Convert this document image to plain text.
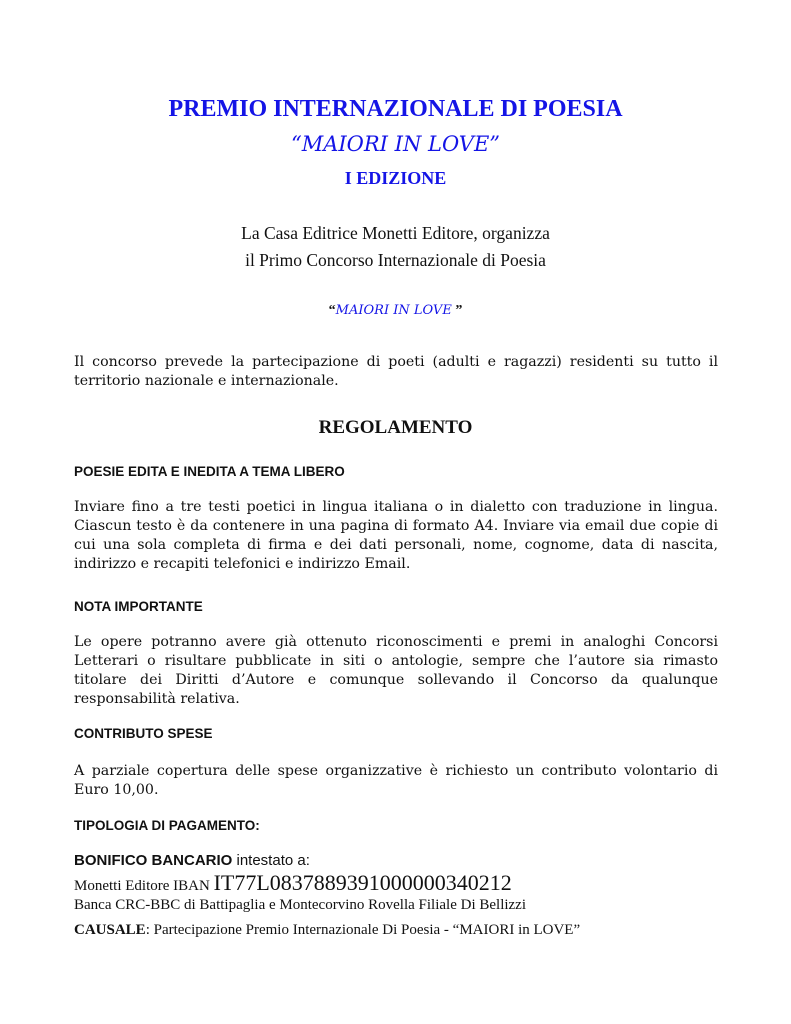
PREMIO INTERNAZIONALE DI POESIA
“MAIORI IN LOVE”
I EDIZIONE
La Casa Editrice Monetti Editore, organizza
il Primo Concorso Internazionale di Poesia
“MAIORI IN LOVE ”
Il concorso prevede la partecipazione di poeti (adulti e ragazzi) residenti su tutto il territorio nazionale e internazionale.
REGOLAMENTO
POESIE EDITA E INEDITA A TEMA LIBERO
Inviare fino a tre testi poetici in lingua italiana o in dialetto con traduzione in lingua. Ciascun testo è da contenere in una pagina di formato A4. Inviare via email due copie di cui una sola completa di firma e dei dati personali, nome, cognome, data di nascita, indirizzo e recapiti telefonici e indirizzo Email.
NOTA IMPORTANTE
Le opere potranno avere già ottenuto riconoscimenti e premi in analoghi Concorsi Letterari o risultare pubblicate in siti o antologie, sempre che l’autore sia rimasto titolare dei Diritti d’Autore e comunque sollevando il Concorso da qualunque responsabilità relativa.
CONTRIBUTO SPESE
A parziale copertura delle spese organizzative è richiesto un contributo volontario di Euro 10,00.
TIPOLOGIA DI PAGAMENTO:
BONIFICO BANCARIO intestato a:
Monetti Editore IBAN IT77L0837889391000000340212
Banca CRC-BBC di Battipaglia e Montecorvino Rovella Filiale Di Bellizzi
CAUSALE: Partecipazione Premio Internazionale Di Poesia - “MAIORI in LOVE”
